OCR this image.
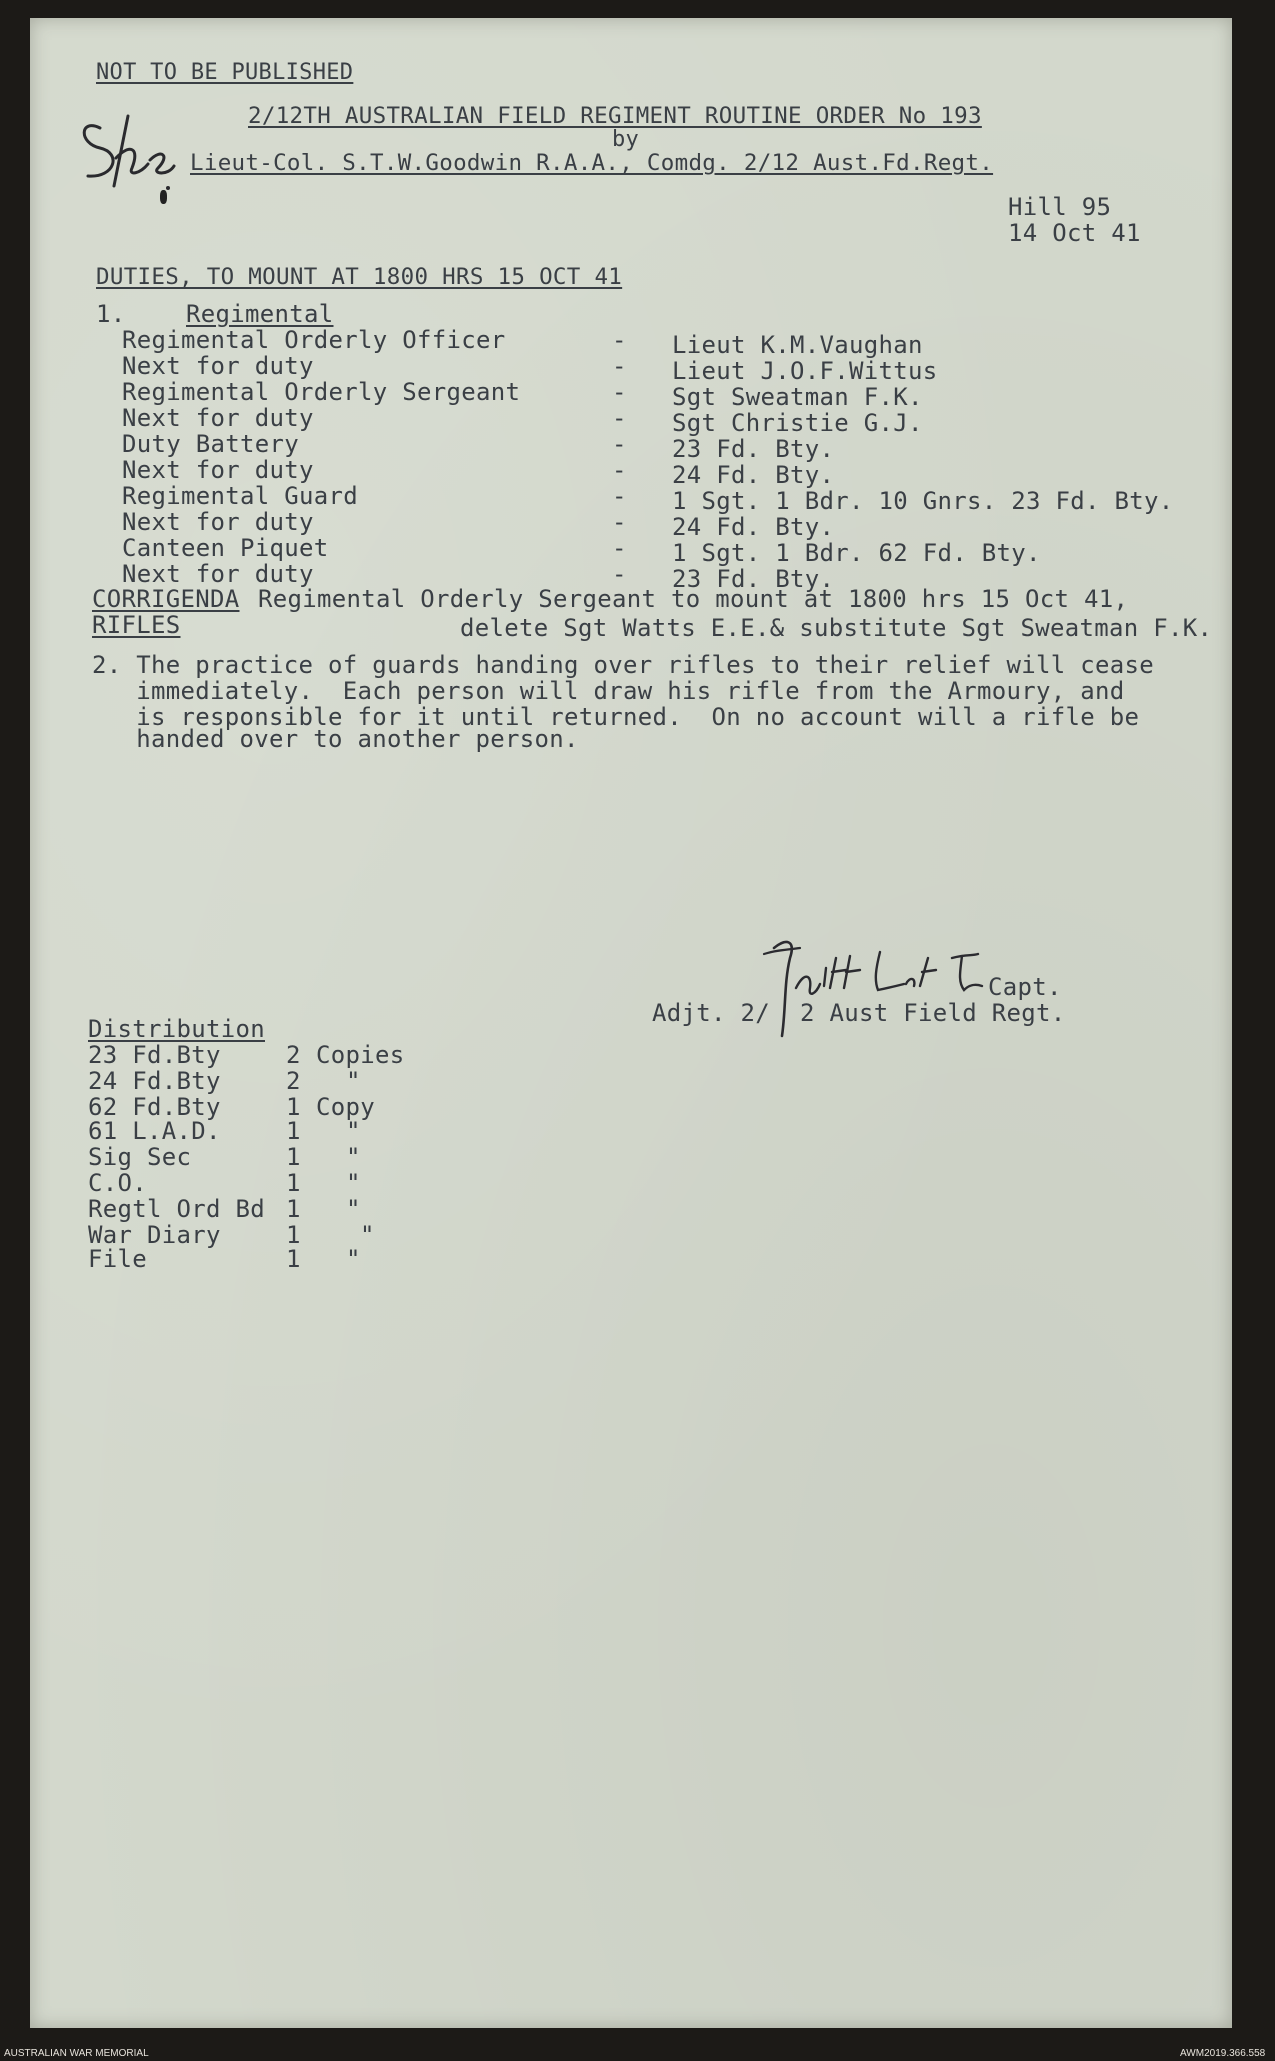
NOT TO BE PUBLISHED
2/12TH AUSTRALIAN FIELD REGIMENT ROUTINE ORDER No 193
by
Lieut-Col. S.T.W.Goodwin R.A.A., Comdg. 2/12 Aust.Fd.Regt.
Hill 95
14 Oct 41
DUTIES, TO MOUNT AT 1800 HRS 15 OCT 41
1.	Regimental
Regimental Orderly Officer	- Lieut K.M.Vaughan
Next for duty	- Lieut J.O.F.Wittus
Regimental Orderly Sergeant	- Sgt Sweatman F.K.
Next for duty	- Sgt Christie G.J.
Duty Battery	- 23 Fd. Bty.
Next for duty	- 24 Fd. Bty.
Regimental Guard	- 1 Sgt. 1 Bdr. 10 Gnrs. 23 Fd. Bty.
Next for duty	- 24 Fd. Bty.
Canteen Piquet	- 1 Sgt. 1 Bdr. 62 Fd. Bty.
Next for duty	- 23 Fd. Bty.
CORRIGENDA Regimental Orderly Sergeant to mount at 1800 hrs 15 Oct 41,
RIFLES	delete Sgt Watts E.E.& substitute Sgt Sweatman F.K.
2. The practice of guards handing over rifles to their relief will cease
immediately.  Each person will draw his rifle from the Armoury, and
is responsible for it until returned.  On no account will a rifle be
handed over to another person.
Capt.
Adjt. 2/ 2 Aust Field Regt.
Distribution
23 Fd.Bty	2 Copies
24 Fd.Bty	2 "
62 Fd.Bty	1 Copy
61 L.A.D.	1 "
Sig Sec	1 "
C.O.	1 "
Regtl Ord Bd 1 "
War Diary	1 "
File	1 "
AUSTRALIAN WAR MEMORIAL	AWM2019.366.558
